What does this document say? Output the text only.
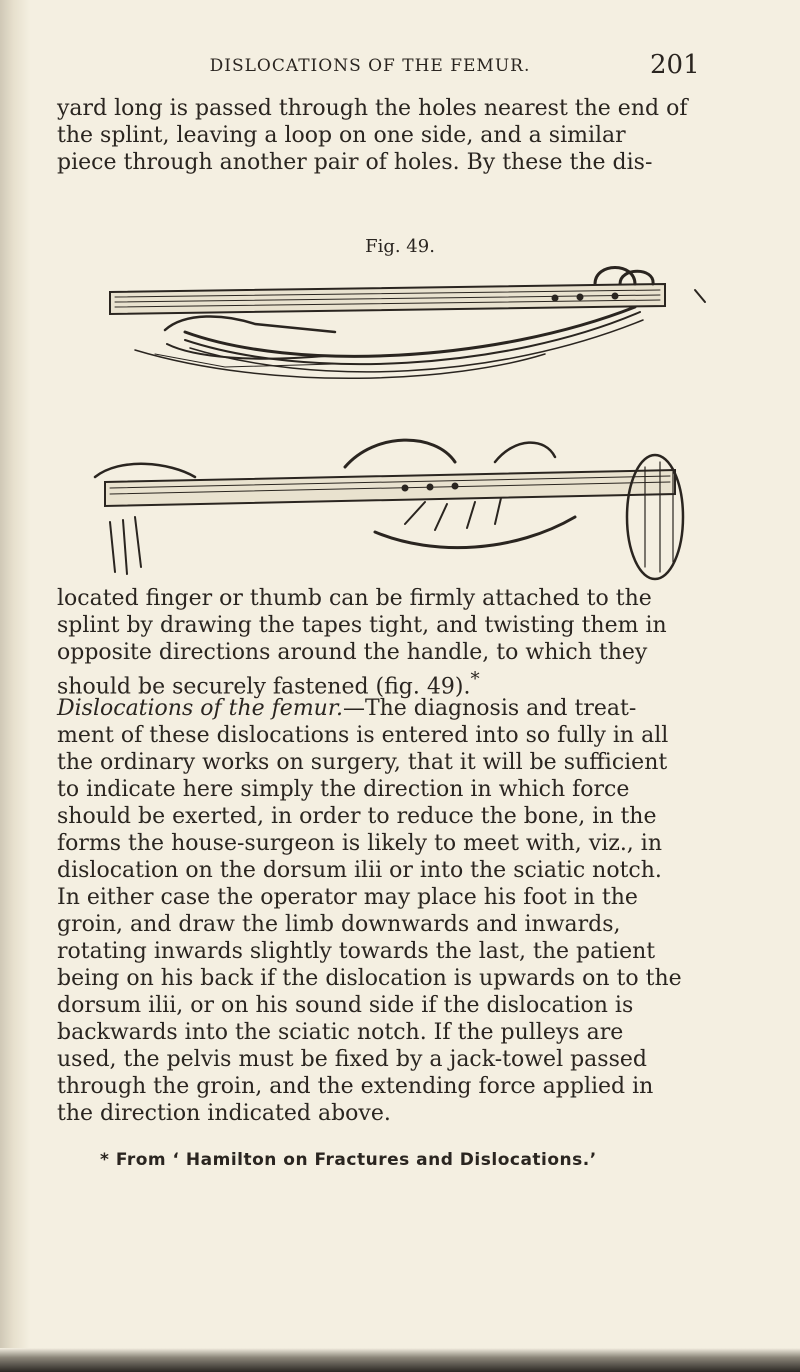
DISLOCATIONS OF THE FEMUR.	201

yard long is passed through the holes nearest the end of
the splint, leaving a loop on one side, and a similar
piece through another pair of holes. By these the dis-

Fig. 49.

located finger or thumb can be firmly attached to the
splint by drawing the tapes tight, and twisting them in
opposite directions around the handle, to which they
should be securely fastened (fig. 49).*

Dislocations of the femur.—The diagnosis and treat-
ment of these dislocations is entered into so fully in all
the ordinary works on surgery, that it will be sufficient
to indicate here simply the direction in which force
should be exerted, in order to reduce the bone, in the
forms the house-surgeon is likely to meet with, viz., in
dislocation on the dorsum ilii or into the sciatic notch.
In either case the operator may place his foot in the
groin, and draw the limb downwards and inwards,
rotating inwards slightly towards the last, the patient
being on his back if the dislocation is upwards on to the
dorsum ilii, or on his sound side if the dislocation is
backwards into the sciatic notch. If the pulleys are
used, the pelvis must be fixed by a jack-towel passed
through the groin, and the extending force applied in
the direction indicated above.

* From ‘ Hamilton on Fractures and Dislocations.’
